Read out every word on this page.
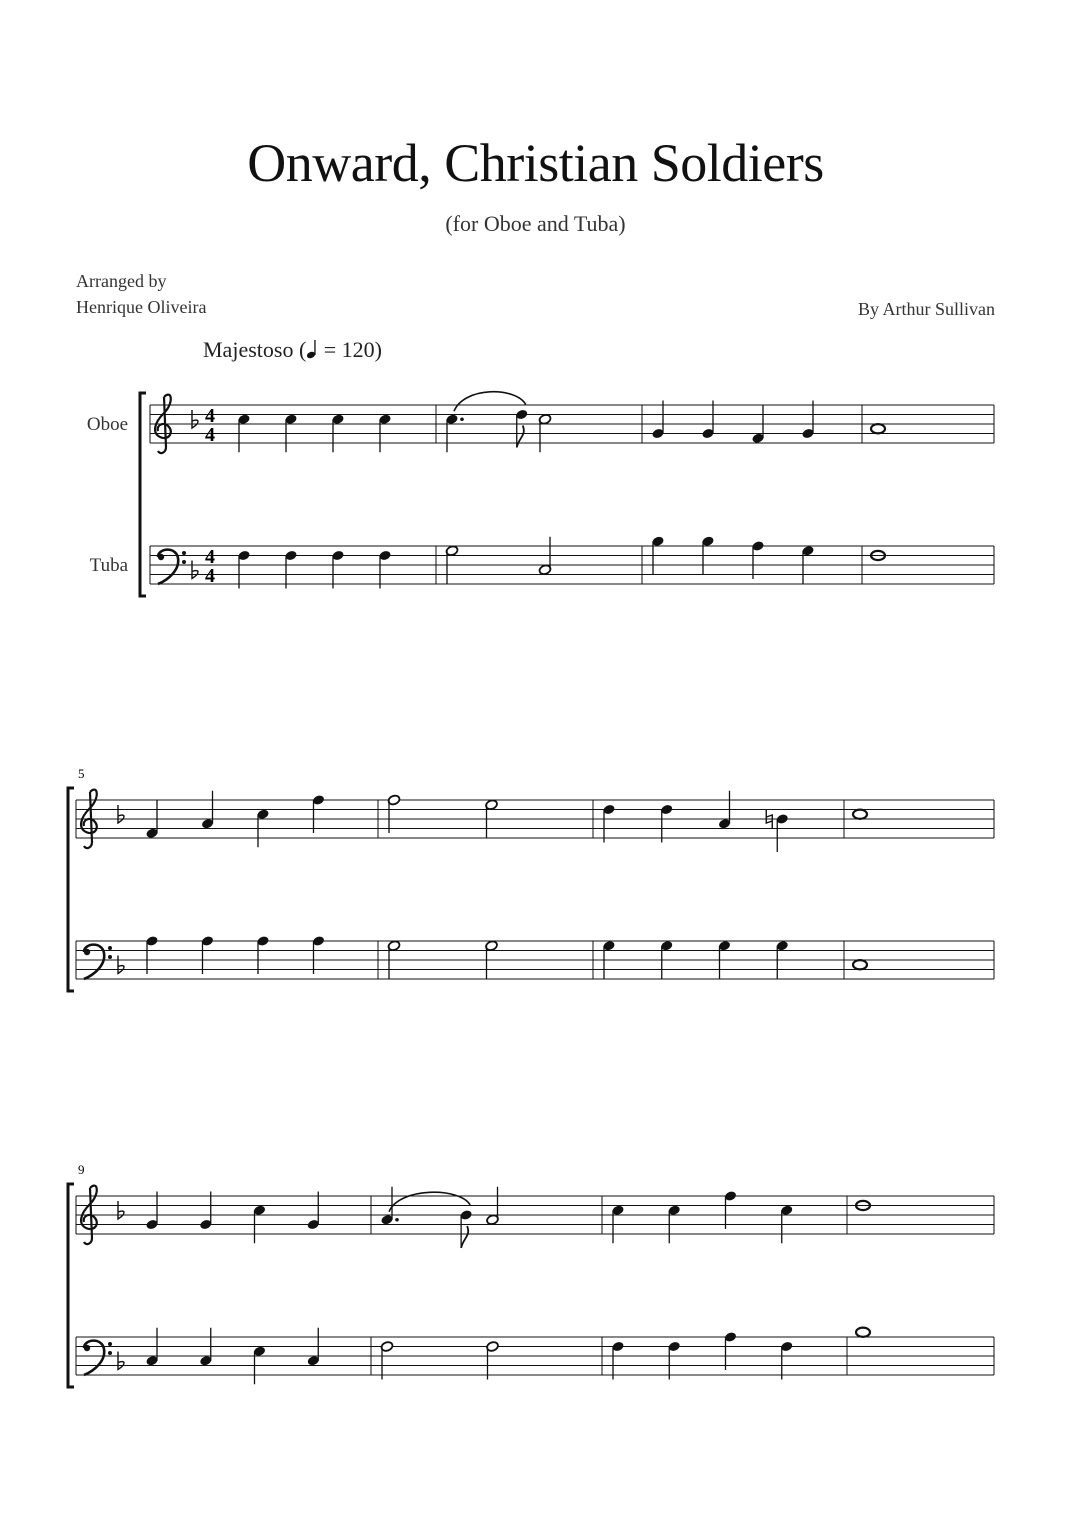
Onward, Christian Soldiers
(for Oboe and Tuba)
Arranged by
Henrique Oliveira	By Arthur Sullivan
Majestoso ( = 120)
4
4
4
4
Oboe
Tuba
5
9
